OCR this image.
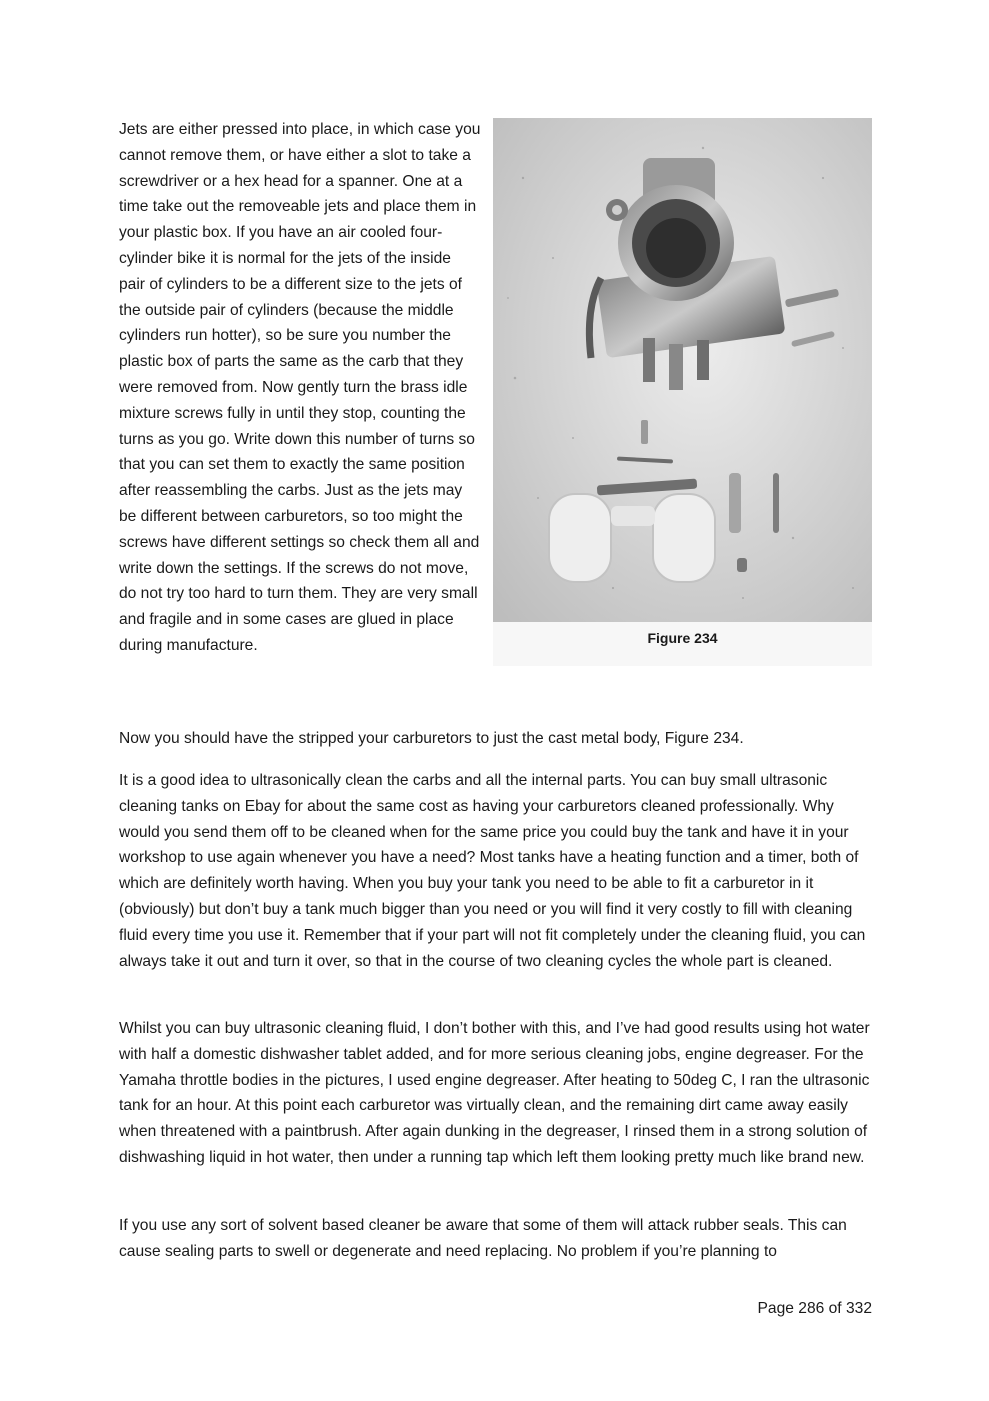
Jets are either pressed into place, in which case you cannot remove them, or have either a slot to take a screwdriver or a hex head for a spanner. One at a time take out the removeable jets and place them in your plastic box. If you have an air cooled four-cylinder bike it is normal for the jets of the inside pair of cylinders to be a different size to the jets of the outside pair of cylinders (because the middle cylinders run hotter), so be sure you number the plastic box of parts the same as the carb that they were removed from. Now gently turn the brass idle mixture screws fully in until they stop, counting the turns as you go. Write down this number of turns so that you can set them to exactly the same position after reassembling the carbs. Just as the jets may be different between carburetors, so too might the screws have different settings so check them all and write down the settings. If the screws do not move, do not try too hard to turn them. They are very small and fragile and in some cases are glued in place during manufacture.	Figure 234

Now you should have the stripped your carburetors to just the cast metal body, Figure 234.

It is a good idea to ultrasonically clean the carbs and all the internal parts. You can buy small ultrasonic cleaning tanks on Ebay for about the same cost as having your carburetors cleaned professionally. Why would you send them off to be cleaned when for the same price you could buy the tank and have it in your workshop to use again whenever you have a need? Most tanks have a heating function and a timer, both of which are definitely worth having. When you buy your tank you need to be able to fit a carburetor in it (obviously) but don’t buy a tank much bigger than you need or you will find it very costly to fill with cleaning fluid every time you use it. Remember that if your part will not fit completely under the cleaning fluid, you can always take it out and turn it over, so that in the course of two cleaning cycles the whole part is cleaned.

Whilst you can buy ultrasonic cleaning fluid, I don’t bother with this, and I’ve had good results using hot water with half a domestic dishwasher tablet added, and for more serious cleaning jobs, engine degreaser. For the Yamaha throttle bodies in the pictures, I used engine degreaser. After heating to 50deg C, I ran the ultrasonic tank for an hour. At this point each carburetor was virtually clean, and the remaining dirt came away easily when threatened with a paintbrush. After again dunking in the degreaser, I rinsed them in a strong solution of dishwashing liquid in hot water, then under a running tap which left them looking pretty much like brand new.

If you use any sort of solvent based cleaner be aware that some of them will attack rubber seals. This can cause sealing parts to swell or degenerate and need replacing. No problem if you’re planning to

Page 286 of 332
